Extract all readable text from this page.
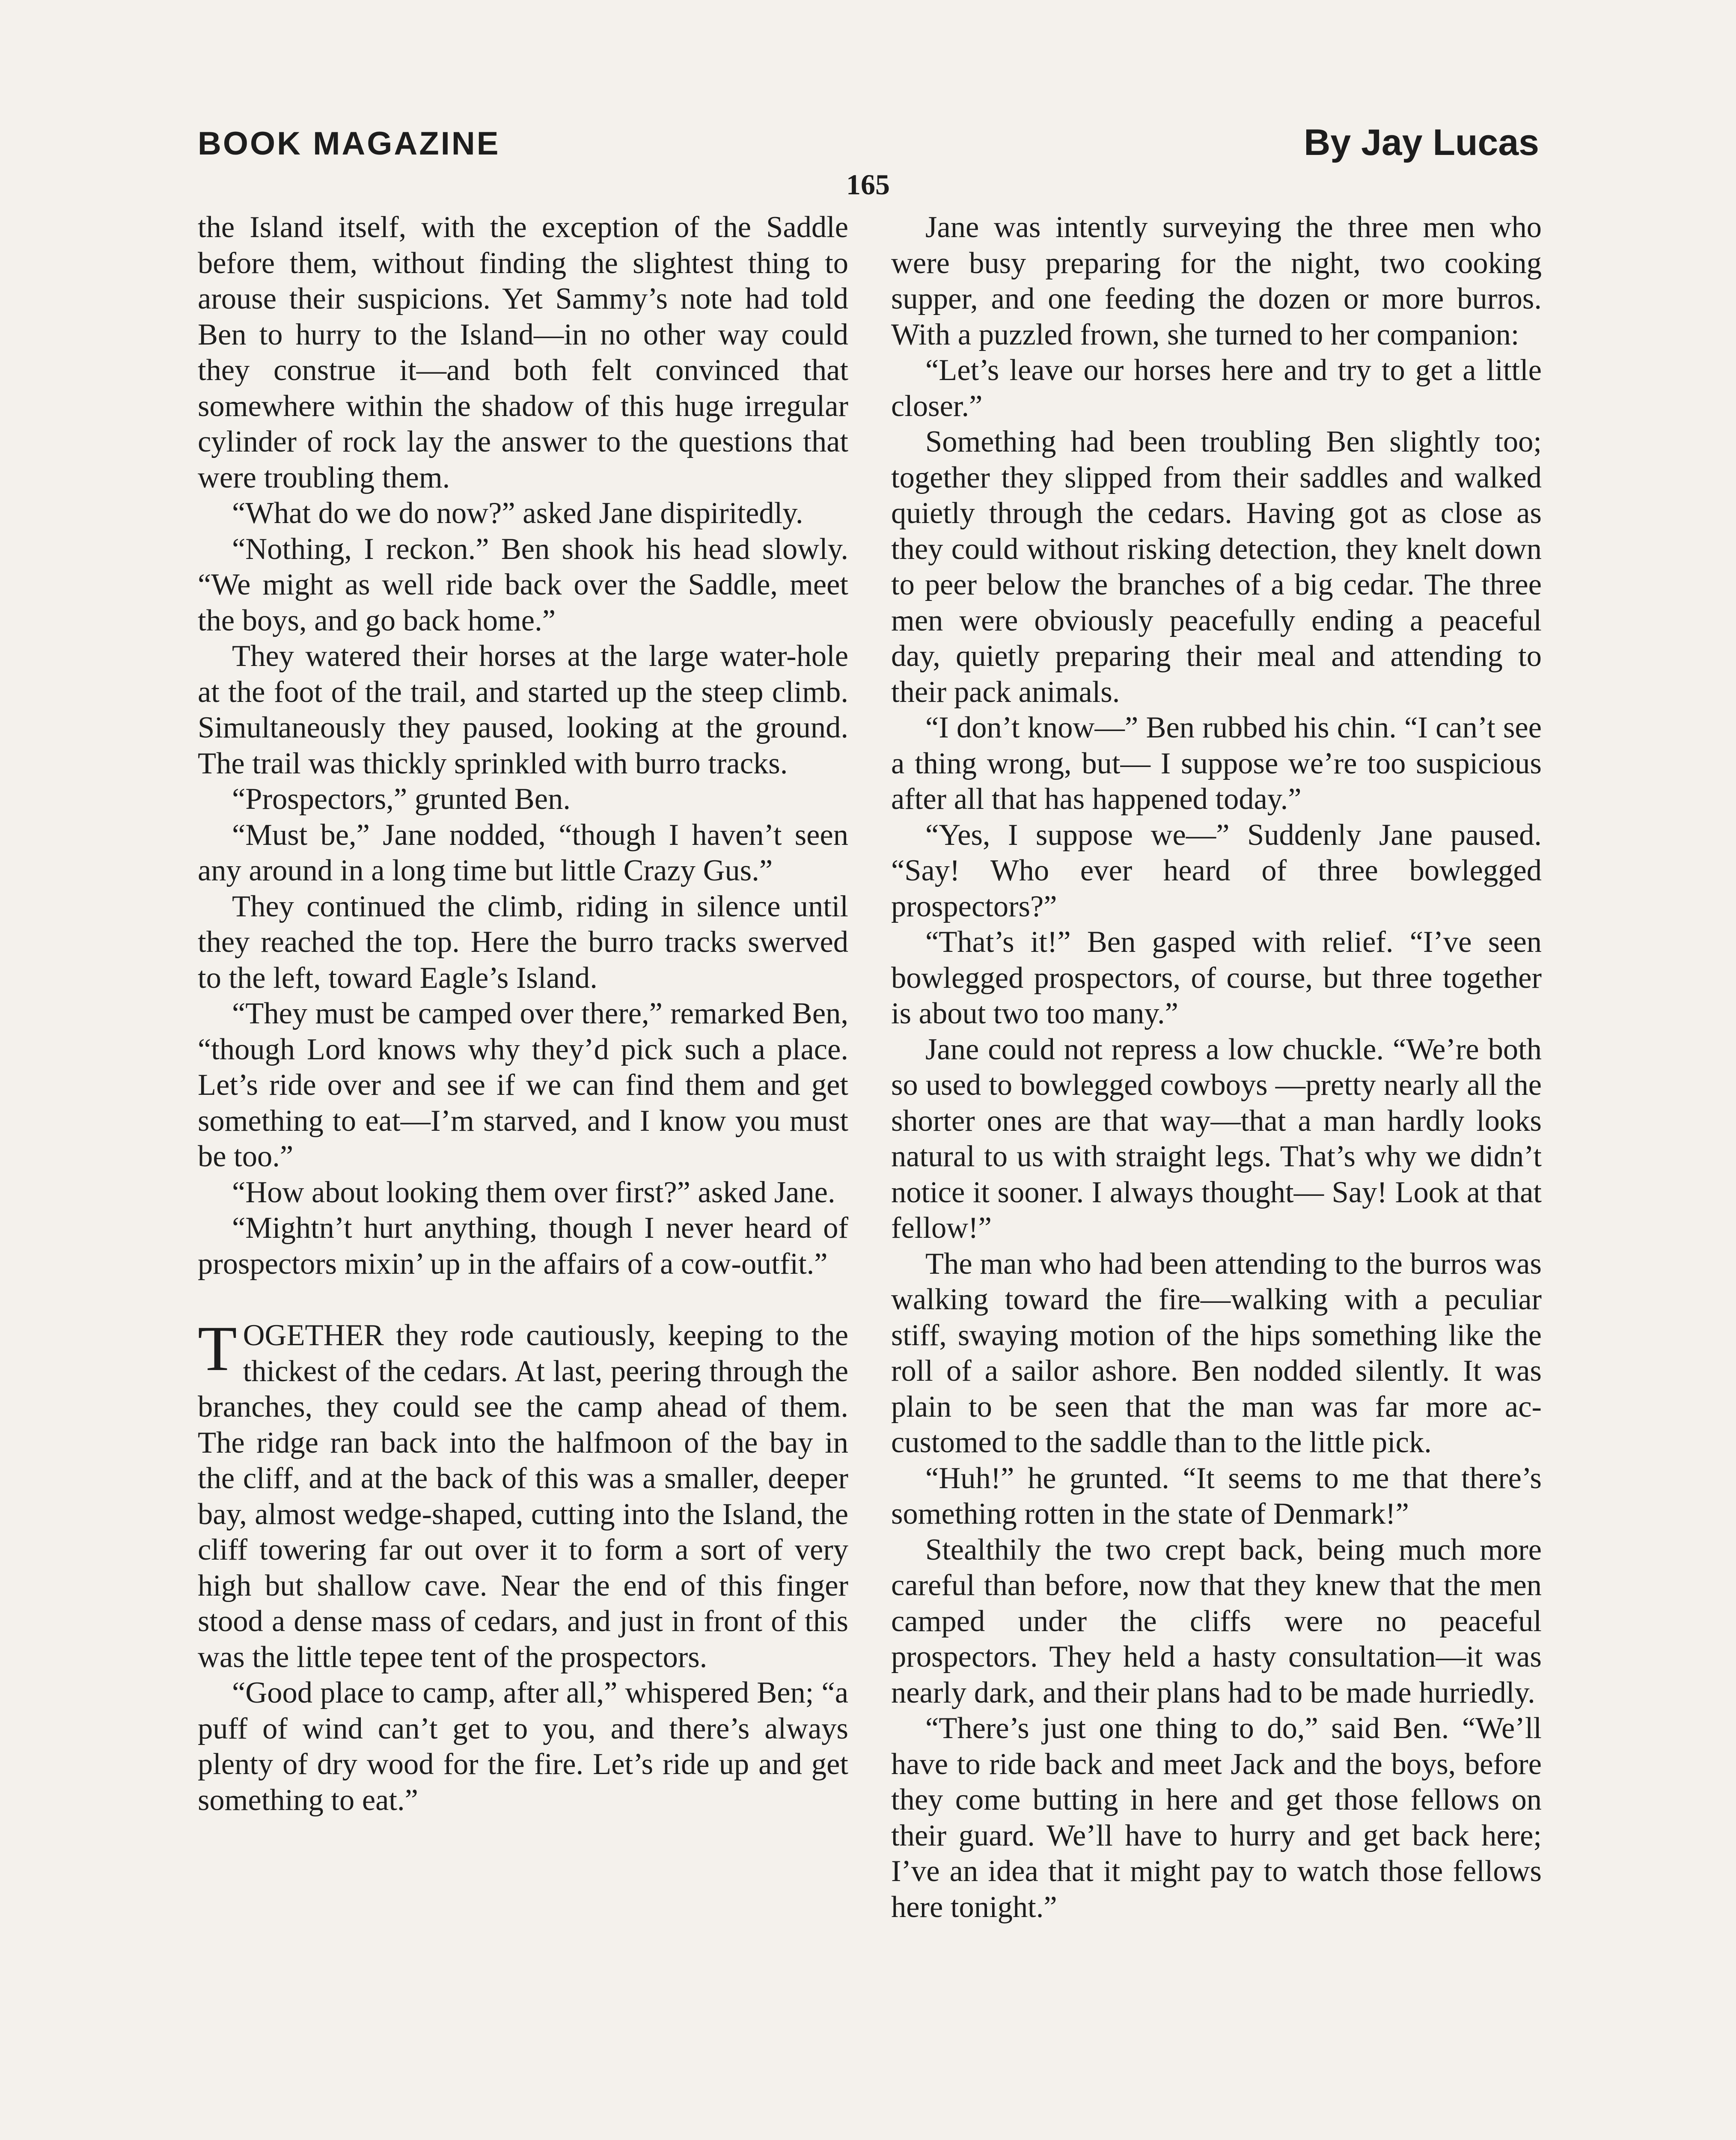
BOOK MAGAZINE	By Jay Lucas
165

the Island itself, with the exception of the Saddle before them, without finding the slightest thing to arouse their suspicions. Yet Sammy’s note had told Ben to hurry to the Island—in no other way could they construe it—and both felt convinced that somewhere within the shadow of this huge irregular cylinder of rock lay the answer to the questions that were troubling them.

“What do we do now?” asked Jane dispiritedly.

“Nothing, I reckon.” Ben shook his head slowly. “We might as well ride back over the Saddle, meet the boys, and go back home.”

They watered their horses at the large water-hole at the foot of the trail, and started up the steep climb. Simultaneously they paused, looking at the ground. The trail was thickly sprinkled with burro tracks.

“Prospectors,” grunted Ben.

“Must be,” Jane nodded, “though I haven’t seen any around in a long time but little Crazy Gus.”

They continued the climb, riding in silence until they reached the top. Here the burro tracks swerved to the left, toward Eagle’s Island.

“They must be camped over there,” remarked Ben, “though Lord knows why they’d pick such a place. Let’s ride over and see if we can find them and get something to eat—I’m starved, and I know you must be too.”

“How about looking them over first?” asked Jane.

“Mightn’t hurt anything, though I never heard of prospectors mixin’ up in the affairs of a cow-outfit.”

TOGETHER they rode cautiously, keeping to the thickest of the cedars. At last, peering through the branches, they could see the camp ahead of them. The ridge ran back into the halfmoon of the bay in the cliff, and at the back of this was a smaller, deeper bay, almost wedge-shaped, cutting into the Island, the cliff towering far out over it to form a sort of very high but shallow cave. Near the end of this finger stood a dense mass of cedars, and just in front of this was the little tepee tent of the prospectors.

“Good place to camp, after all,” whispered Ben; “a puff of wind can’t get to you, and there’s always plenty of dry wood for the fire. Let’s ride up and get something to eat.”

Jane was intently surveying the three men who were busy preparing for the night, two cooking supper, and one feeding the dozen or more burros. With a puzzled frown, she turned to her companion:

“Let’s leave our horses here and try to get a little closer.”

Something had been troubling Ben slightly too; together they slipped from their saddles and walked quietly through the cedars. Having got as close as they could without risking detection, they knelt down to peer below the branches of a big cedar. The three men were obviously peacefully ending a peaceful day, quietly preparing their meal and attending to their pack animals.

“I don’t know—” Ben rubbed his chin. “I can’t see a thing wrong, but— I suppose we’re too suspicious after all that has happened today.”

“Yes, I suppose we—” Suddenly Jane paused. “Say! Who ever heard of three bowlegged prospectors?”

“That’s it!” Ben gasped with relief. “I’ve seen bowlegged prospectors, of course, but three together is about two too many.”

Jane could not repress a low chuckle. “We’re both so used to bowlegged cowboys —pretty nearly all the shorter ones are that way—that a man hardly looks natural to us with straight legs. That’s why we didn’t notice it sooner. I always thought— Say! Look at that fellow!”

The man who had been attending to the burros was walking toward the fire—walking with a peculiar stiff, swaying motion of the hips something like the roll of a sailor ashore. Ben nodded silently. It was plain to be seen that the man was far more accustomed to the saddle than to the little pick.

“Huh!” he grunted. “It seems to me that there’s something rotten in the state of Denmark!”

Stealthily the two crept back, being much more careful than before, now that they knew that the men camped under the cliffs were no peaceful prospectors. They held a hasty consultation—it was nearly dark, and their plans had to be made hurriedly.

“There’s just one thing to do,” said Ben. “We’ll have to ride back and meet Jack and the boys, before they come butting in here and get those fellows on their guard. We’ll have to hurry and get back here; I’ve an idea that it might pay to watch those fellows here tonight.”
